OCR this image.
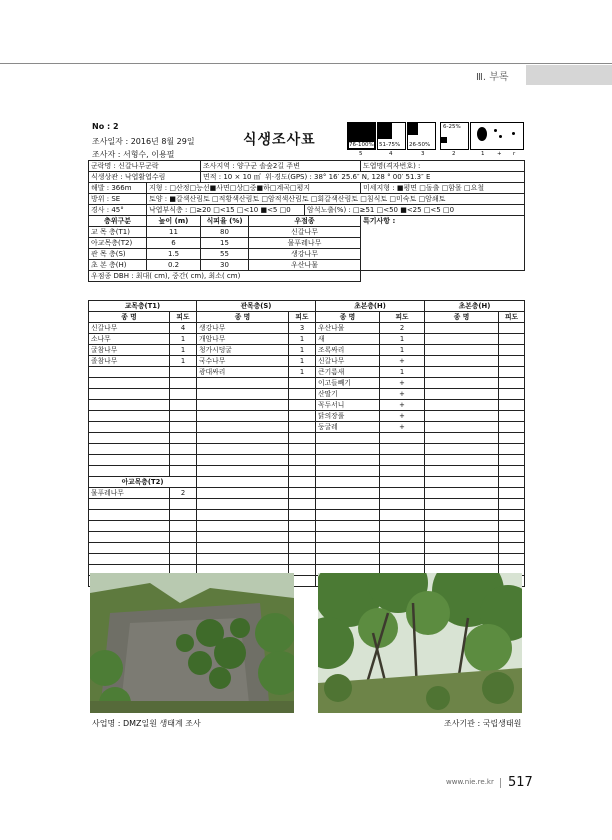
Ⅲ. 부록
No : 2
조사일자 : 2016년 8월 29일
조사자 : 서형수, 이용필
식생조사표	76-100% 51-75% 26-50%
6-25%
5	4	3	2	1 + r
군락명 : 신갈나무군락		조사지역 : 양구군 솔숲2길 주변			도엽명(격자번호) :
식생상관 : 낙엽활엽수림		면적 : 10 × 10 ㎡ 위·경도(GPS) : 38° 16′ 25.6″ N, 128 ° 00′ 51.3″ E			
해발 : 366m	지형 : □산정□능선■사면□상□중■하□계곡□평지				미세지형 : ■평면 □돌출 □함몰 □요철
방위 : SE	토양 : ■갈색산림토 □적황색산림토 □암적색산림토 □회갈색산림토 □침식토 □미숙토 □암쇄토				
경사 : 45°	낙엽부식층 : □≥20 □<15 □<10 ■<5 □0			암석노출(%) : □≥51 □<50 ■<25 □<5 □0	
층위구분	높이 (m)	식피율 (%)	우점종		특기사항 :
교 목 층(T1)	11	80	신갈나무		
아교목층(T2)	6	15	물푸레나무		
관 목 층(S)	1.5	55	생강나무		
초 본 층(H)	0.2	30	우산나물		
우점종 DBH : 최대( cm), 중간( cm), 최소( cm)					
교목층(T1)		관목층(S)		초본층(H)		초본층(H)	
종 명	피도	종 명	피도	종 명	피도	종 명	피도
신갈나무	4	생강나무	3	우산나물	2		
소나무	1	개암나무	1	새	1		
굴참나무	1	청가시덩굴	1	조록싸리	1		
졸참나무	1	국수나무	1	신갈나무	+		
		광대싸리	1	큰기름새	1		
				이고들빼기	+		
				산딸기	+		
				꼭두서니	+		
				닭의장풀	+		
				둥굴레	+		

아교목층(T2)							
물푸레나무	2						

사업명 : DMZ일원 생태계 조사	조사기관 : 국립생태원
www.nie.re.kr 517
